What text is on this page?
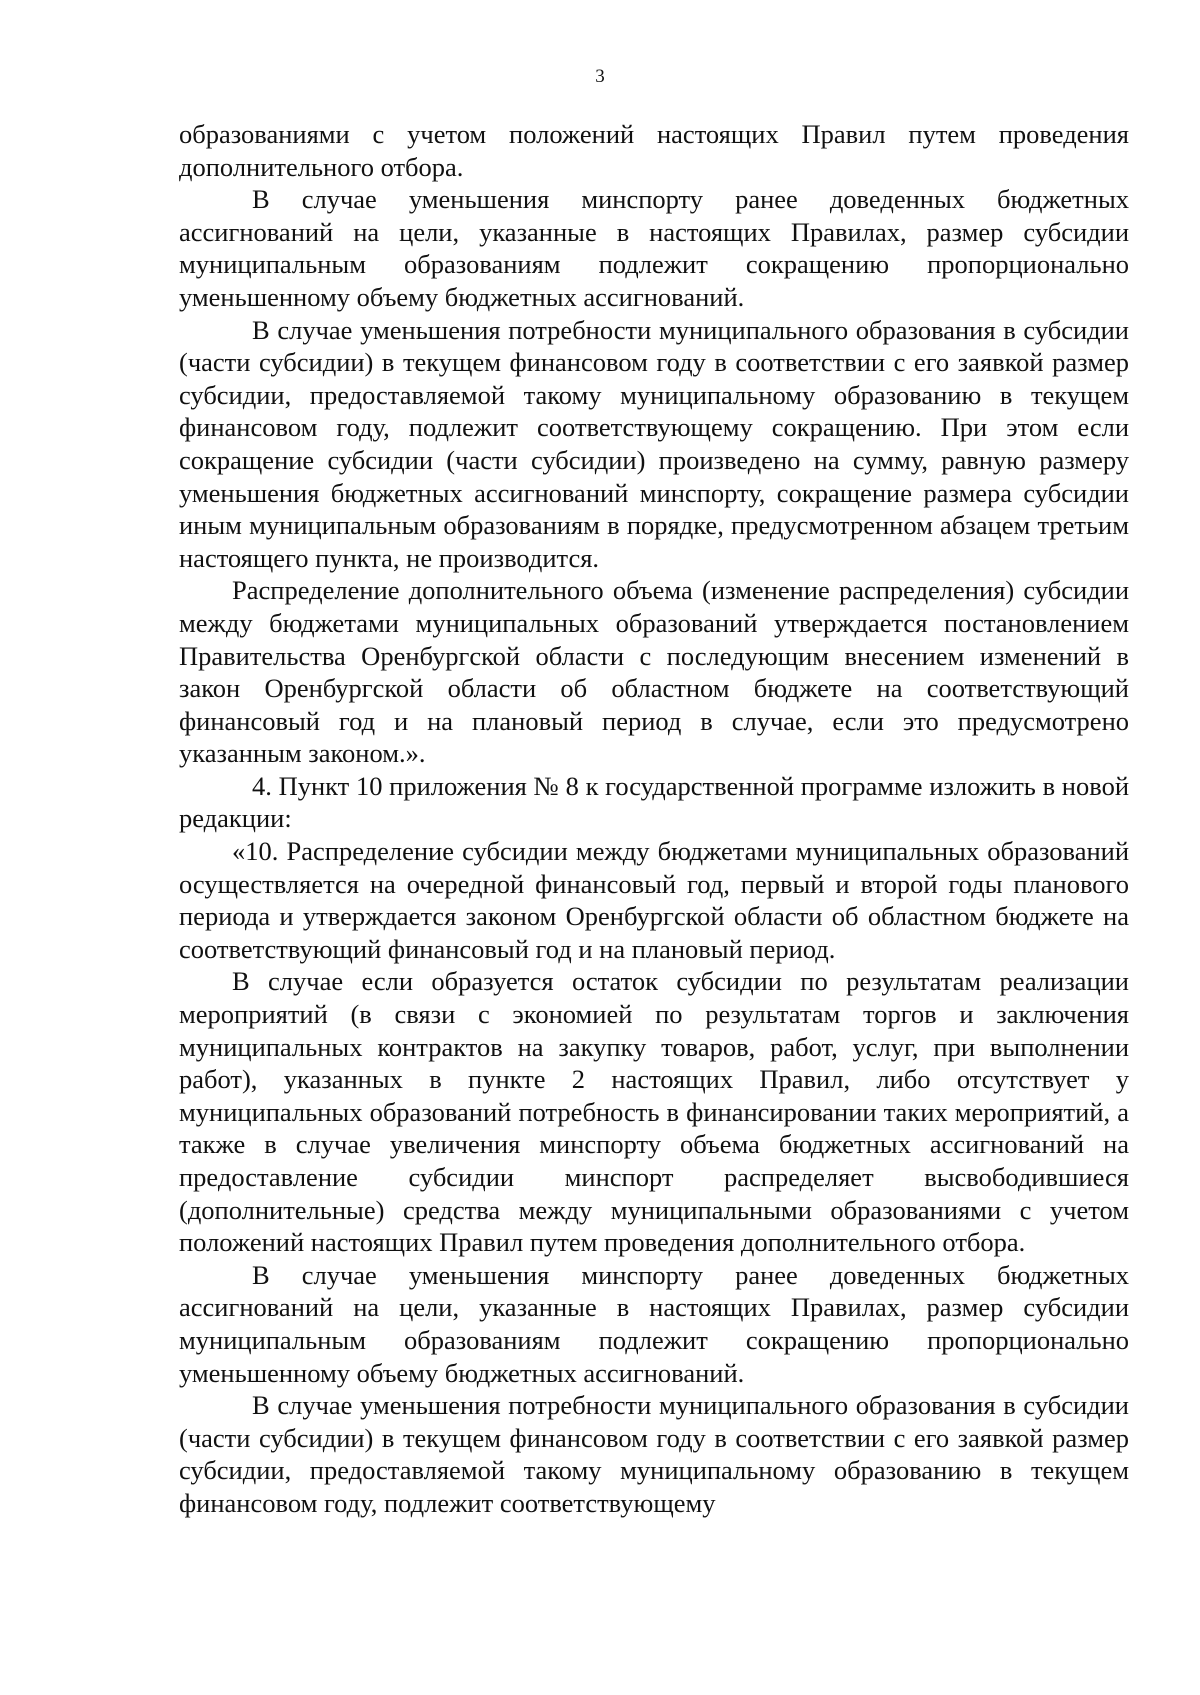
3

образованиями с учетом положений настоящих Правил путем проведения дополнительного отбора.

В случае уменьшения минспорту ранее доведенных бюджетных ассигнований на цели, указанные в настоящих Правилах, размер субсидии муниципальным образованиям подлежит сокращению пропорционально уменьшенному объему бюджетных ассигнований.

В случае уменьшения потребности муниципального образования в субсидии (части субсидии) в текущем финансовом году в соответствии с его заявкой размер субсидии, предоставляемой такому муниципальному образованию в текущем финансовом году, подлежит соответствующему сокращению. При этом если сокращение субсидии (части субсидии) произведено на сумму, равную размеру уменьшения бюджетных ассигнований минспорту, сокращение размера субсидии иным муниципальным образованиям в порядке, предусмотренном абзацем третьим настоящего пункта, не производится.

Распределение дополнительного объема (изменение распределения) субсидии между бюджетами муниципальных образований утверждается постановлением Правительства Оренбургской области с последующим внесением изменений в закон Оренбургской области об областном бюджете на соответствующий финансовый год и на плановый период в случае, если это предусмотрено указанным законом.».

4. Пункт 10 приложения № 8 к государственной программе изложить в новой редакции:

«10. Распределение субсидии между бюджетами муниципальных образований осуществляется на очередной финансовый год, первый и второй годы планового периода и утверждается законом Оренбургской области об областном бюджете на соответствующий финансовый год и на плановый период.

В случае если образуется остаток субсидии по результатам реализации мероприятий (в связи с экономией по результатам торгов и заключения муниципальных контрактов на закупку товаров, работ, услуг, при выполнении работ), указанных в пункте 2 настоящих Правил, либо отсутствует у муниципальных образований потребность в финансировании таких мероприятий, а также в случае увеличения минспорту объема бюджетных ассигнований на предоставление субсидии минспорт распределяет высвободившиеся (дополнительные) средства между муниципальными образованиями с учетом положений настоящих Правил путем проведения дополнительного отбора.

В случае уменьшения минспорту ранее доведенных бюджетных ассигнований на цели, указанные в настоящих Правилах, размер субсидии муниципальным образованиям подлежит сокращению пропорционально уменьшенному объему бюджетных ассигнований.

В случае уменьшения потребности муниципального образования в субсидии (части субсидии) в текущем финансовом году в соответствии с его заявкой размер субсидии, предоставляемой такому муниципальному образованию в текущем финансовом году, подлежит соответствующему
